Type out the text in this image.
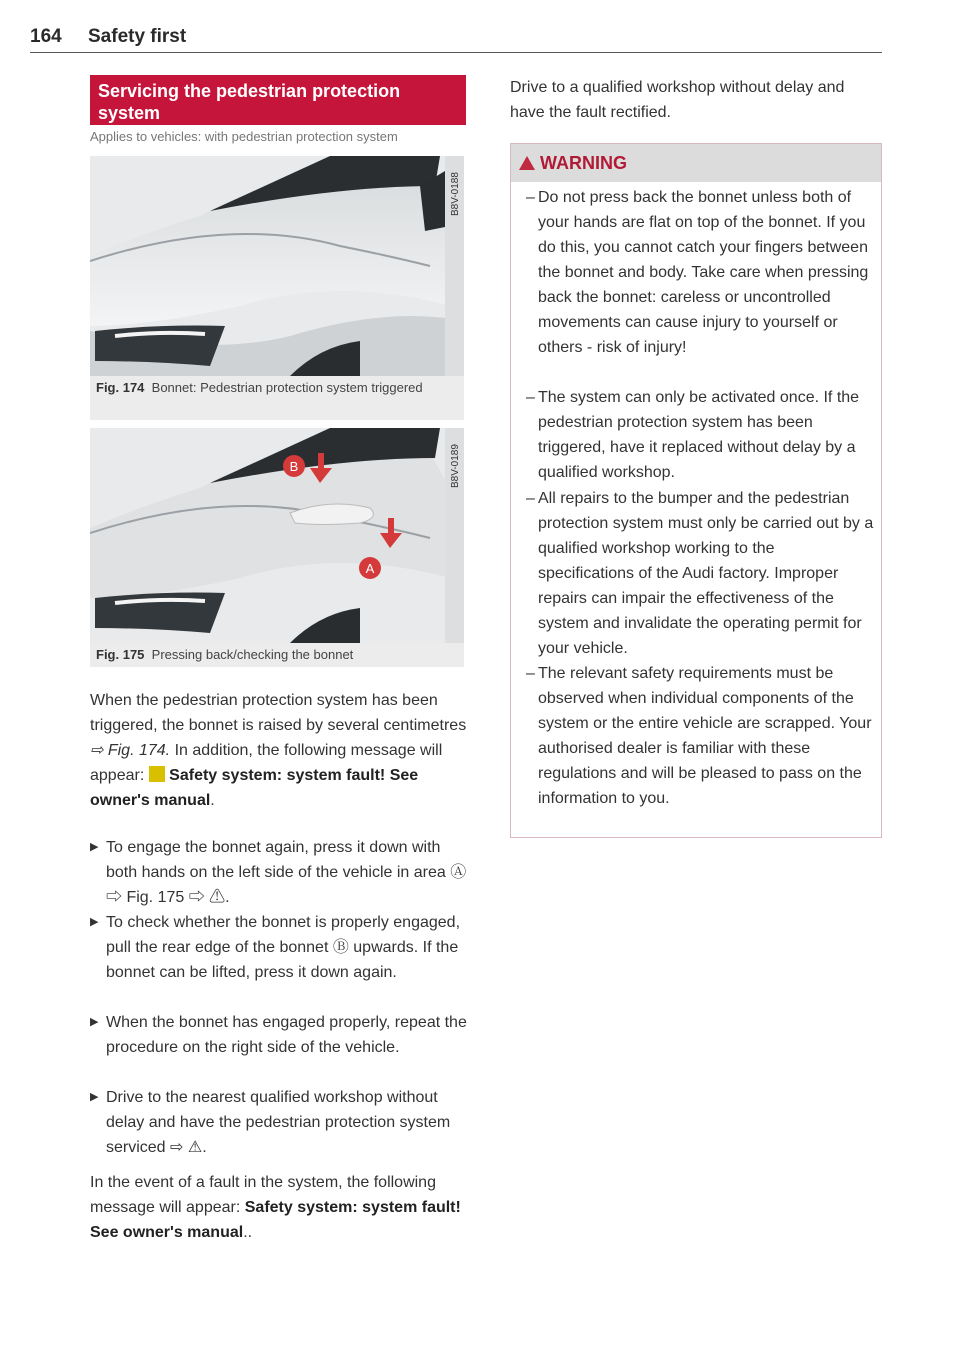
164 Safety first
Servicing the pedestrian protection system
Applies to vehicles: with pedestrian protection system
B8V-0188
Fig. 174 Bonnet: Pedestrian protection system triggered
B
A
B8V-0189
Fig. 175 Pressing back/checking the bonnet
When the pedestrian protection system has been triggered, the bonnet is raised by several centimetres ⇨ Fig. 174. In addition, the following message will appear: Safety system: system fault! See owner's manual.
▶ To engage the bonnet again, press it down with both hands on the left side of the vehicle in area Ⓐ ⇨ Fig. 175 ⇨ ⚠.
▶ To check whether the bonnet is properly engaged, pull the rear edge of the bonnet Ⓑ upwards. If the bonnet can be lifted, press it down again.
▶ When the bonnet has engaged properly, repeat the procedure on the right side of the vehicle.
▶ Drive to the nearest qualified workshop without delay and have the pedestrian protection system serviced ⇨ ⚠.
In the event of a fault in the system, the following message will appear: Safety system: system fault! See owner's manual..
Drive to a qualified workshop without delay and have the fault rectified.
WARNING
– Do not press back the bonnet unless both of your hands are flat on top of the bonnet. If you do this, you cannot catch your fingers between the bonnet and body. Take care when pressing back the bonnet: careless or uncontrolled movements can cause injury to yourself or others - risk of injury!
– The system can only be activated once. If the pedestrian protection system has been triggered, have it replaced without delay by a qualified workshop.
– All repairs to the bumper and the pedestrian protection system must only be carried out by a qualified workshop working to the specifications of the Audi factory. Improper repairs can impair the effectiveness of the system and invalidate the operating permit for your vehicle.
– The relevant safety requirements must be observed when individual components of the system or the entire vehicle are scrapped. Your authorised dealer is familiar with these regulations and will be pleased to pass on the information to you.
